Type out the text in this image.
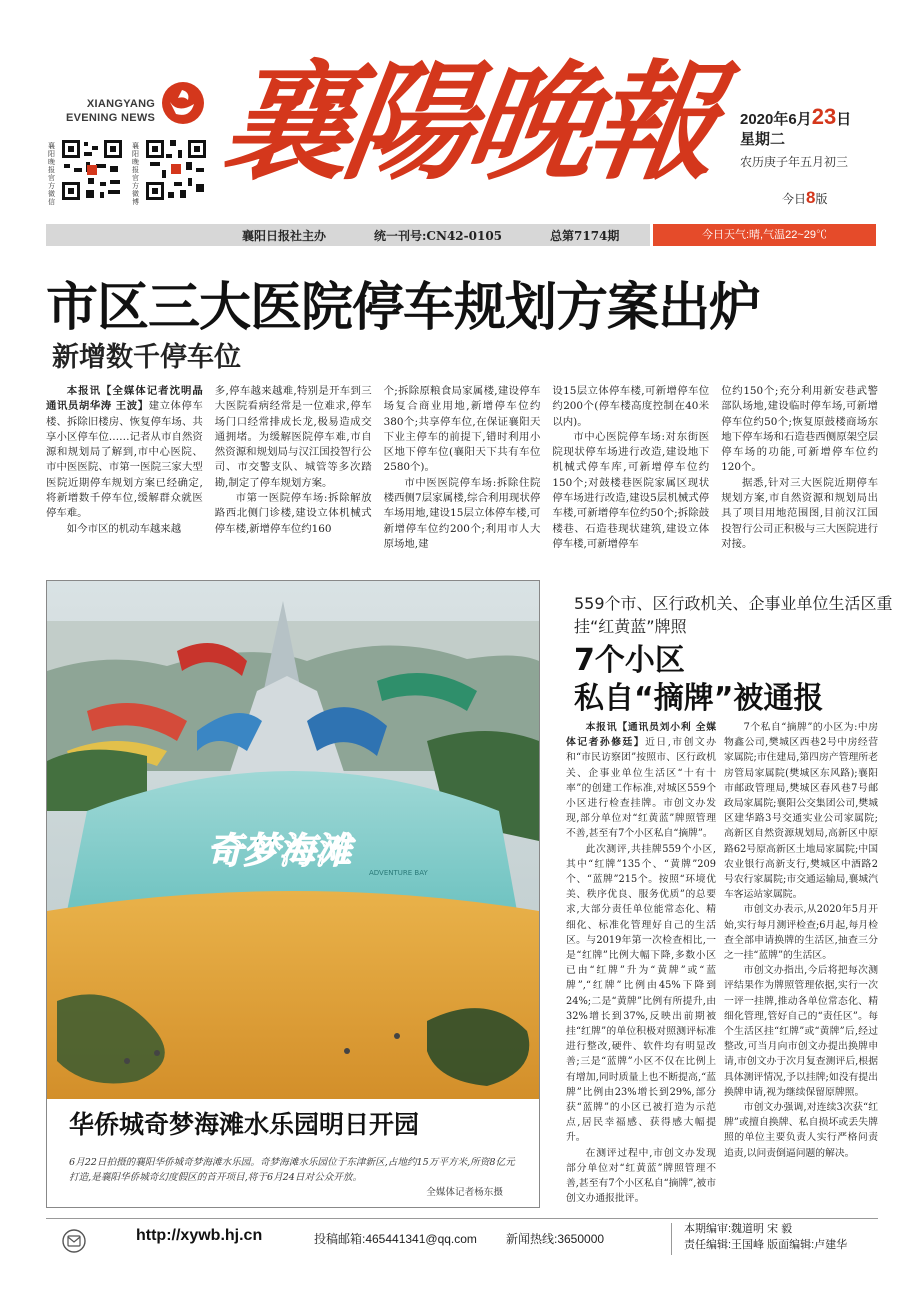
XIANGYANG
EVENING NEWS
襄阳晚报官方微信
襄阳晚报官方微博
襄陽晚報	2020年6月23日
星期二
农历庚子年五月初三
今日8版
襄阳日报社主办	统一刊号:CN42-0105	总第7174期	今日天气:晴,气温22~29℃
市区三大医院停车规划方案出炉
新增数千停车位

本报讯【全媒体记者沈明晶 通讯员胡华涛 王波】建立体停车楼、拆除旧楼房、恢复停车场、共享小区停车位……记者从市自然资源和规划局了解到,市中心医院、市中医医院、市第一医院三家大型医院近期停车规划方案已经确定,将新增数千停车位,缓解群众就医停车难。

如今市区的机动车越来越

多,停车越来越难,特别是开车到三大医院看病经常是一位难求,停车场门口经常排成长龙,极易造成交通拥堵。为缓解医院停车难,市自然资源和规划局与汉江国投智行公司、市交警支队、城管等多次踏勘,制定了停车规划方案。

市第一医院停车场:拆除解放路西北侧门诊楼,建设立体机械式停车楼,新增停车位约160

个;拆除原粮食局家属楼,建设停车场复合商业用地,新增停车位约380个;共享停车位,在保证襄阳天下业主停车的前提下,错时利用小区地下停车位(襄阳天下共有车位2580个)。

市中医医院停车场:拆除住院楼西侧7层家属楼,综合利用现状停车场用地,建设15层立体停车楼,可新增停车位约200个;利用市人大原场地,建

设15层立体停车楼,可新增停车位约200个(停车楼高度控制在40米以内)。

市中心医院停车场:对东街医院现状停车场进行改造,建设地下机械式停车库,可新增停车位约150个;对鼓楼巷医院家属区现状停车场进行改造,建设5层机械式停车楼,可新增停车位约50个;拆除鼓楼巷、石造巷现状建筑,建设立体停车楼,可新增停车

位约150个;充分利用新安巷武警部队场地,建设临时停车场,可新增停车位约50个;恢复原鼓楼商场东地下停车场和石造巷西侧原架空层停车场的功能,可新增停车位约120个。

据悉,针对三大医院近期停车规划方案,市自然资源和规划局出具了项目用地范围图,目前汉江国投智行公司正积极与三大医院进行对接。

奇梦海滩
ADVENTURE BAY
华侨城奇梦海滩水乐园明日开园

6月22日拍摄的襄阳华侨城奇梦海滩水乐园。奇梦海滩水乐园位于东津新区,占地约15万平方米,所资8亿元打造,是襄阳华侨城奇幻度假区的首开项目,将于6月24日对公众开放。

全媒体记者杨东摄
559个市、区行政机关、企事业单位生活区重挂“红黄蓝”牌照
7个小区
私自“摘牌”被通报

本报讯【通讯员刘小利 全媒体记者孙修廷】近日,市创文办和“市民访察团”按照市、区行政机关、企事业单位生活区“十有十率”的创建工作标准,对城区559个小区进行检查挂牌。市创文办发现,部分单位对“红黄蓝”牌照管理不善,甚至有7个小区私自“摘牌”。

此次测评,共挂牌559个小区,其中“红牌”135个、“黄牌”209个、“蓝牌”215个。按照“环境优美、秩序优良、服务优质”的总要求,大部分责任单位能常态化、精细化、标准化管理好自己的生活区。与2019年第一次检查相比,一是“红牌”比例大幅下降,多数小区已由“红牌”升为“黄牌”或“蓝牌”,“红牌”比例由45%下降到24%;二是“黄牌”比例有所提升,由32%增长到37%,反映出前期被挂“红牌”的单位积极对照测评标准进行整改,硬件、软件均有明显改善;三是“蓝牌”小区不仅在比例上有增加,同时质量上也不断提高,“蓝牌”比例由23%增长到29%,部分获“蓝牌”的小区已被打造为示范点,居民幸福感、获得感大幅提升。

在测评过程中,市创文办发现部分单位对“红黄蓝”牌照管理不善,甚至有7个小区私自“摘牌”,被市创文办通报批评。

7个私自“摘牌”的小区为:中房物鑫公司,樊城区西巷2号中房经营家属院;市住建局,第四房产管理所老房管局家属院(樊城区东风路);襄阳市邮政管理局,樊城区春风巷7号邮政局家属院;襄阳公交集团公司,樊城区建华路3号交通实业公司家属院;高新区自然资源规划局,高新区中原路62号原高新区土地局家属院;中国农业银行高新支行,樊城区中酒路2号农行家属院;市交通运输局,襄城汽车客运站家属院。

市创文办表示,从2020年5月开始,实行每月测评检查;6月起,每月检查全部申请换牌的生活区,抽查三分之一挂“蓝牌”的生活区。

市创文办指出,今后将把每次测评结果作为牌照管理依据,实行一次一评一挂牌,推动各单位常态化、精细化管理,管好自己的“责任区”。每个生活区挂“红牌”或“黄牌”后,经过整改,可当月向市创文办提出换牌申请,市创文办于次月复查测评后,根据具体测评情况,予以挂牌;如没有提出换牌申请,视为继续保留原牌照。

市创文办强调,对连续3次获“红牌”或擅自换牌、私自损坏或丢失牌照的单位主要负责人实行严格问责追责,以问责倒逼问题的解决。

http://xywb.hj.cn	投稿邮箱:465441341@qq.com 新闻热线:3650000
本期编审:魏道明 宋 毅
责任编辑:王国峰 版面编辑:卢建华
